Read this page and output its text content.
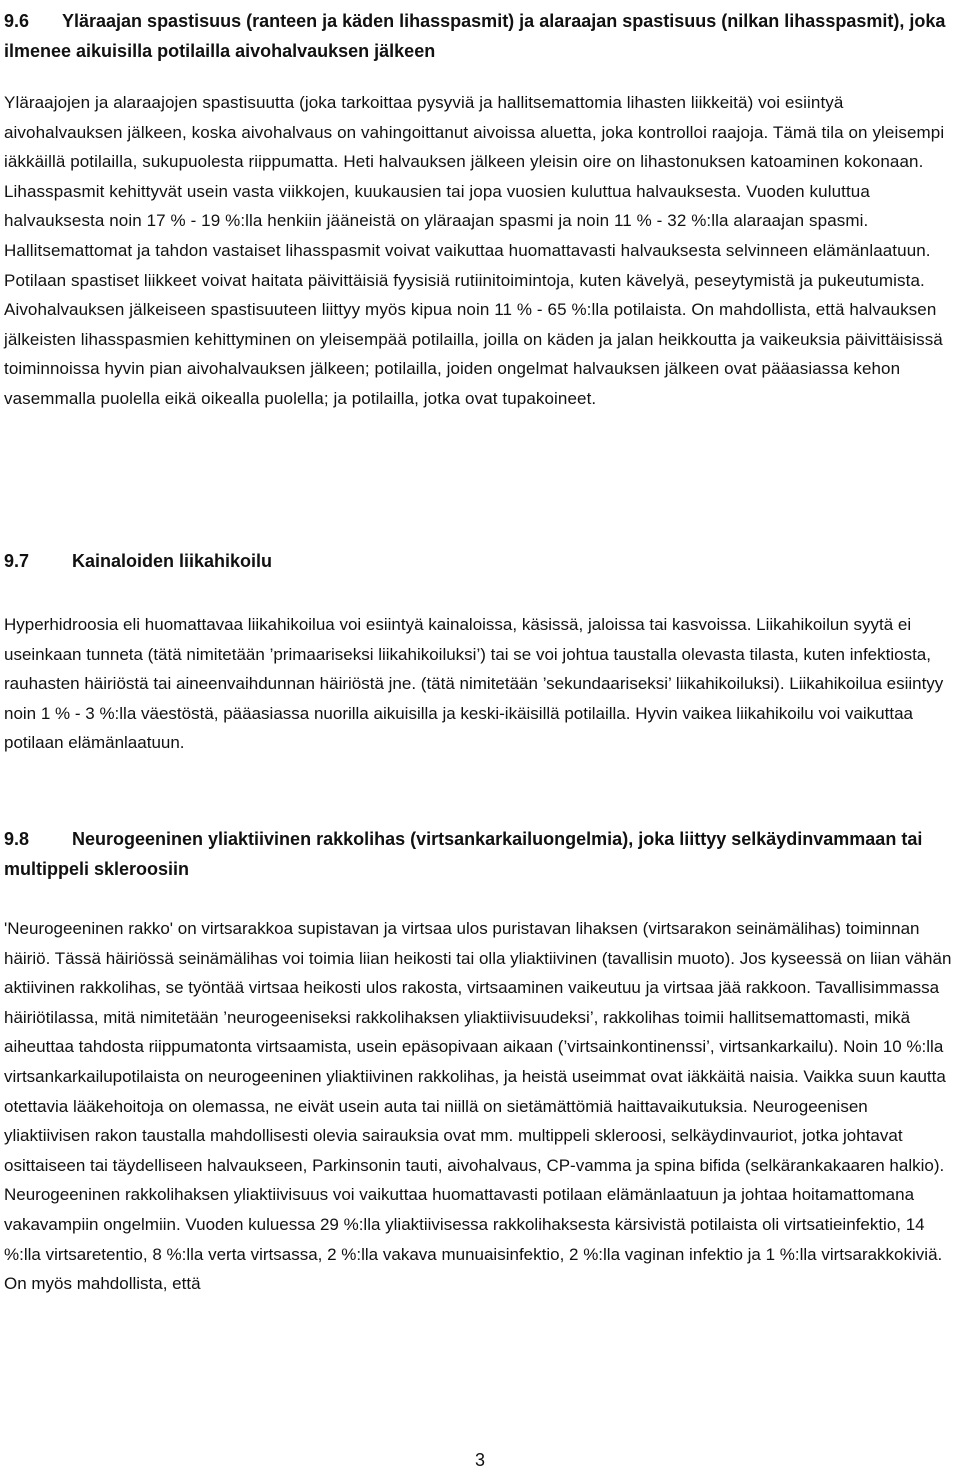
9.6 Yläraajan spastisuus (ranteen ja käden lihasspasmit) ja alaraajan spastisuus (nilkan lihasspasmit), joka ilmenee aikuisilla potilailla aivohalvauksen jälkeen

Yläraajojen ja alaraajojen spastisuutta (joka tarkoittaa pysyviä ja hallitsemattomia lihasten liikkeitä) voi esiintyä aivohalvauksen jälkeen, koska aivohalvaus on vahingoittanut aivoissa aluetta, joka kontrolloi raajoja. Tämä tila on yleisempi iäkkäillä potilailla, sukupuolesta riippumatta. Heti halvauksen jälkeen yleisin oire on lihastonuksen katoaminen kokonaan. Lihasspasmit kehittyvät usein vasta viikkojen, kuukausien tai jopa vuosien kuluttua halvauksesta. Vuoden kuluttua halvauksesta noin 17 % - 19 %:lla henkiin jääneistä on yläraajan spasmi ja noin 11 % - 32 %:lla alaraajan spasmi. Hallitsemattomat ja tahdon vastaiset lihasspasmit voivat vaikuttaa huomattavasti halvauksesta selvinneen elämänlaatuun. Potilaan spastiset liikkeet voivat haitata päivittäisiä fyysisiä rutiinitoimintoja, kuten kävelyä, peseytymistä ja pukeutumista. Aivohalvauksen jälkeiseen spastisuuteen liittyy myös kipua noin 11 % - 65 %:lla potilaista. On mahdollista, että halvauksen jälkeisten lihasspasmien kehittyminen on yleisempää potilailla, joilla on käden ja jalan heikkoutta ja vaikeuksia päivittäisissä toiminnoissa hyvin pian aivohalvauksen jälkeen; potilailla, joiden ongelmat halvauksen jälkeen ovat pääasiassa kehon vasemmalla puolella eikä oikealla puolella; ja potilailla, jotka ovat tupakoineet.

9.7 Kainaloiden liikahikoilu

Hyperhidroosia eli huomattavaa liikahikoilua voi esiintyä kainaloissa, käsissä, jaloissa tai kasvoissa. Liikahikoilun syytä ei useinkaan tunneta (tätä nimitetään ’primaariseksi liikahikoiluksi’) tai se voi johtua taustalla olevasta tilasta, kuten infektiosta, rauhasten häiriöstä tai aineenvaihdunnan häiriöstä jne. (tätä nimitetään ’sekundaariseksi’ liikahikoiluksi). Liikahikoilua esiintyy noin 1 % - 3 %:lla väestöstä, pääasiassa nuorilla aikuisilla ja keski-ikäisillä potilailla. Hyvin vaikea liikahikoilu voi vaikuttaa potilaan elämänlaatuun.

9.8 Neurogeeninen yliaktiivinen rakkolihas (virtsankarkailuongelmia), joka liittyy selkäydinvammaan tai multippeli skleroosiin

'Neurogeeninen rakko' on virtsarakkoa supistavan ja virtsaa ulos puristavan lihaksen (virtsarakon seinämälihas) toiminnan häiriö. Tässä häiriössä seinämälihas voi toimia liian heikosti tai olla yliaktiivinen (tavallisin muoto). Jos kyseessä on liian vähän aktiivinen rakkolihas, se työntää virtsaa heikosti ulos rakosta, virtsaaminen vaikeutuu ja virtsaa jää rakkoon. Tavallisimmassa häiriötilassa, mitä nimitetään ’neurogeeniseksi rakkolihaksen yliaktiivisuudeksi’, rakkolihas toimii hallitsemattomasti, mikä aiheuttaa tahdosta riippumatonta virtsaamista, usein epäsopivaan aikaan (’virtsainkontinenssi’, virtsankarkailu). Noin 10 %:lla virtsankarkailupotilaista on neurogeeninen yliaktiivinen rakkolihas, ja heistä useimmat ovat iäkkäitä naisia. Vaikka suun kautta otettavia lääkehoitoja on olemassa, ne eivät usein auta tai niillä on sietämättömiä haittavaikutuksia. Neurogeenisen yliaktiivisen rakon taustalla mahdollisesti olevia sairauksia ovat mm. multippeli skleroosi, selkäydinvauriot, jotka johtavat osittaiseen tai täydelliseen halvaukseen, Parkinsonin tauti, aivohalvaus, CP-vamma ja spina bifida (selkärankakaaren halkio). Neurogeeninen rakkolihaksen yliaktiivisuus voi vaikuttaa huomattavasti potilaan elämänlaatuun ja johtaa hoitamattomana vakavampiin ongelmiin. Vuoden kuluessa 29 %:lla yliaktiivisessa rakkolihaksesta kärsivistä potilaista oli virtsatieinfektio, 14 %:lla virtsaretentio, 8 %:lla verta virtsassa, 2 %:lla vakava munuaisinfektio, 2 %:lla vaginan infektio ja 1 %:lla virtsarakkokiviä. On myös mahdollista, että

3
